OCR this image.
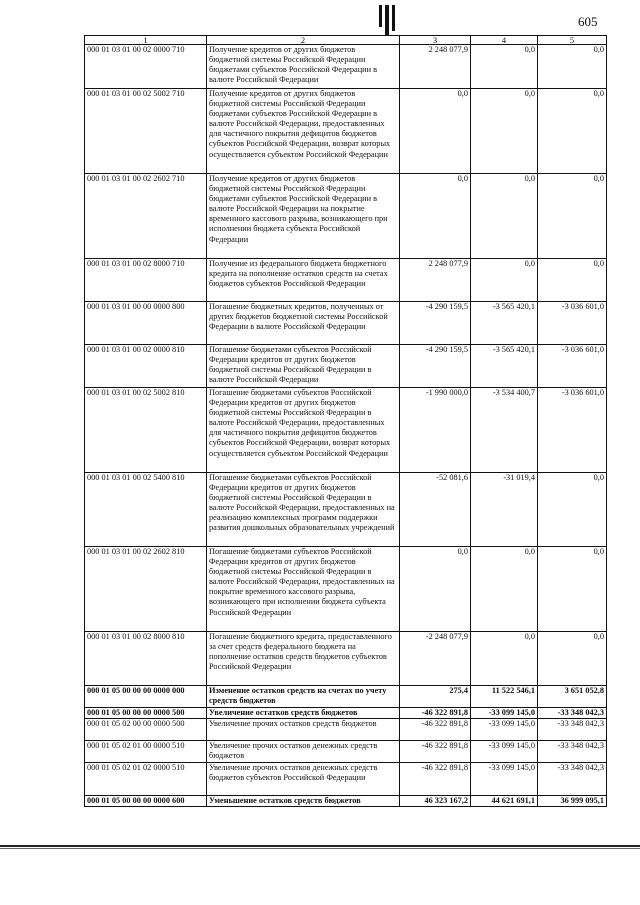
605
1	2	3	4	5
000 01 03 01 00 02 0000 710	Получение кредитов от других бюджетов бюджетной системы Российской Федерации бюджетами субъектов Российской Федерации в валюте Российской Федерации	2 248 077,9	0,0	0,0
000 01 03 01 00 02 5002 710	Получение кредитов от других бюджетов бюджетной системы Российской Федерации бюджетами субъектов Российской Федерации в валюте Российской Федерации, предоставленных для частичного покрытия дефицитов бюджетов субъектов Российской Федерации, возврат которых осуществляется субъектом Российской Федерации	0,0	0,0	0,0
000 01 03 01 00 02 2602 710	Получение кредитов от других бюджетов бюджетной системы Российской Федерации бюджетами субъектов Российской Федерации в валюте Российской Федерации на покрытие временного кассового разрыва, возникающего при исполнении бюджета субъекта Российской Федерации	0,0	0,0	0,0
000 01 03 01 00 02 8000 710	Получение из федерального бюджета бюджетного кредита на пополнение остатков средств на счетах бюджетов субъектов Российской Федерации	2 248 077,9	0,0	0,0
000 01 03 01 00 00 0000 800	Погашение бюджетных кредитов, полученных от других бюджетов бюджетной системы Российской Федерации в валюте Российской Федерации	-4 290 159,5	-3 565 420,1	-3 036 601,0
000 01 03 01 00 02 0000 810	Погашение бюджетами субъектов Российской Федерации кредитов от других бюджетов бюджетной системы Российской Федерации в валюте Российской Федерации	-4 290 159,5	-3 565 420,1	-3 036 601,0
000 01 03 01 00 02 5002 810	Погашение бюджетами субъектов Российской Федерации кредитов от других бюджетов бюджетной системы Российской Федерации в валюте Российской Федерации, предоставленных для частичного покрытия дефицитов бюджетов субъектов Российской Федерации, возврат которых осуществляется субъектом Российской Федерации	-1 990 000,0	-3 534 400,7	-3 036 601,0
000 01 03 01 00 02 5400 810	Погашение бюджетами субъектов Российской Федерации кредитов от других бюджетов бюджетной системы Российской Федерации в валюте Российской Федерации, предоставленных на реализацию комплексных программ поддержки развития дошкольных образовательных учреждений	-52 081,6	-31 019,4	0,0
000 01 03 01 00 02 2602 810	Погашение бюджетами субъектов Российской Федерации кредитов от других бюджетов бюджетной системы Российской Федерации в валюте Российской Федерации, предоставленных на покрытие временного кассового разрыва, возникающего при исполнении бюджета субъекта Российской Федерации	0,0	0,0	0,0
000 01 03 01 00 02 8000 810	Погашение бюджетного кредита, предоставленного за счет средств федерального бюджета на пополнение остатков средств бюджетов субъектов Российской Федерации	-2 248 077,9	0,0	0,0
000 01 05 00 00 00 0000 000	Изменение остатков средств на счетах по учету средств бюджетов	275,4	11 522 546,1	3 651 052,8
000 01 05 00 00 00 0000 500	Увеличение остатков средств бюджетов	-46 322 891,8	-33 099 145,0	-33 348 042,3
000 01 05 02 00 00 0000 500	Увеличение прочих остатков средств бюджетов	-46 322 891,8	-33 099 145,0	-33 348 042,3
000 01 05 02 01 00 0000 510	Увеличение прочих остатков денежных средств бюджетов	-46 322 891,8	-33 099 145,0	-33 348 042,3
000 01 05 02 01 02 0000 510	Увеличение прочих остатков денежных средств бюджетов субъектов Российской Федерации	-46 322 891,8	-33 099 145,0	-33 348 042,3
000 01 05 00 00 00 0000 600	Уменьшение остатков средств бюджетов	46 323 167,2	44 621 691,1	36 999 095,1
